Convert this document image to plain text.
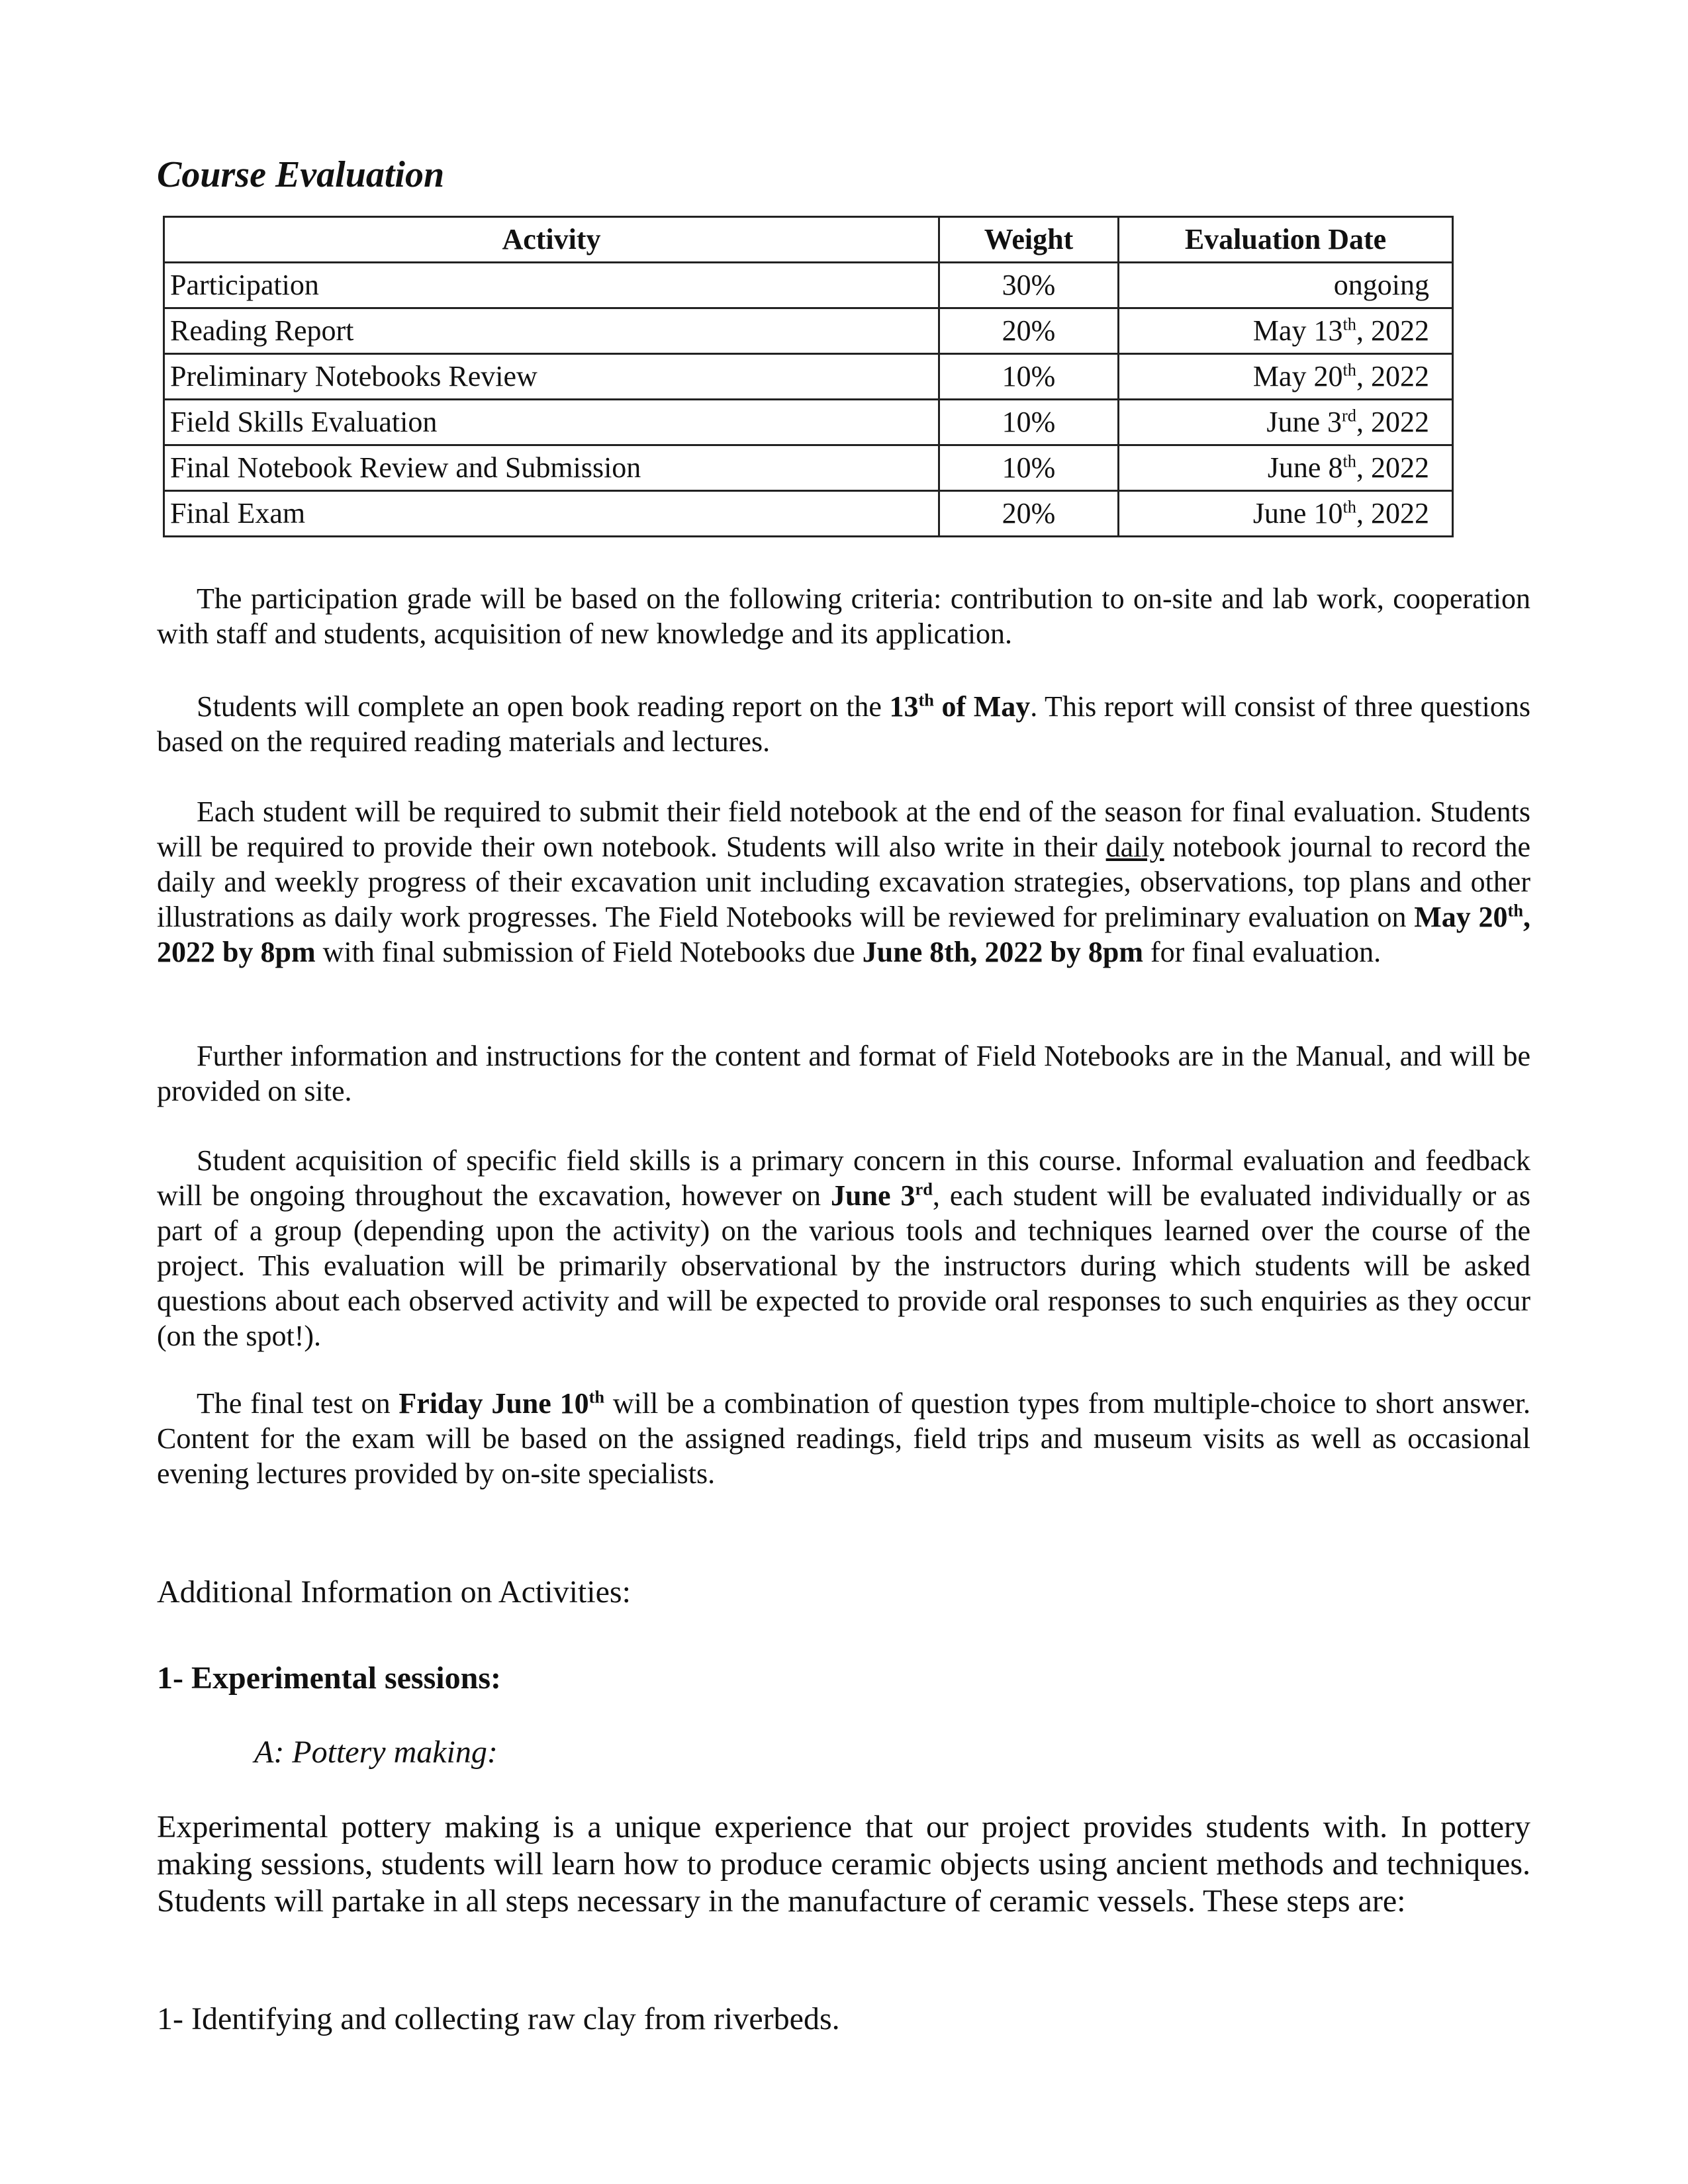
Course Evaluation
Activity	Weight	Evaluation Date
Participation	30%	ongoing
Reading Report	20%	May 13th, 2022
Preliminary Notebooks Review	10%	May 20th, 2022
Field Skills Evaluation	10%	June 3rd, 2022
Final Notebook Review and Submission	10%	June 8th, 2022
Final Exam	20%	June 10th, 2022

The participation grade will be based on the following criteria: contribution to on-site and lab work, cooperation with staff and students, acquisition of new knowledge and its application.

Students will complete an open book reading report on the 13th of May. This report will consist of three questions based on the required reading materials and lectures.

Each student will be required to submit their field notebook at the end of the season for final evaluation. Students will be required to provide their own notebook. Students will also write in their daily notebook journal to record the daily and weekly progress of their excavation unit including excavation strategies, observations, top plans and other illustrations as daily work progresses. The Field Notebooks will be reviewed for preliminary evaluation on May 20th, 2022 by 8pm with final submission of Field Notebooks due June 8th, 2022 by 8pm for final evaluation.

Further information and instructions for the content and format of Field Notebooks are in the Manual, and will be provided on site.

Student acquisition of specific field skills is a primary concern in this course. Informal evaluation and feedback will be ongoing throughout the excavation, however on June 3rd, each student will be evaluated individually or as part of a group (depending upon the activity) on the various tools and techniques learned over the course of the project. This evaluation will be primarily observational by the instructors during which students will be asked questions about each observed activity and will be expected to provide oral responses to such enquiries as they occur (on the spot!).

The final test on Friday June 10th will be a combination of question types from multiple-choice to short answer. Content for the exam will be based on the assigned readings, field trips and museum visits as well as occasional evening lectures provided by on-site specialists.

Additional Information on Activities:
1- Experimental sessions:
A: Pottery making:

Experimental pottery making is a unique experience that our project provides students with. In pottery making sessions, students will learn how to produce ceramic objects using ancient methods and techniques. Students will partake in all steps necessary in the manufacture of ceramic vessels. These steps are:

1- Identifying and collecting raw clay from riverbeds.
